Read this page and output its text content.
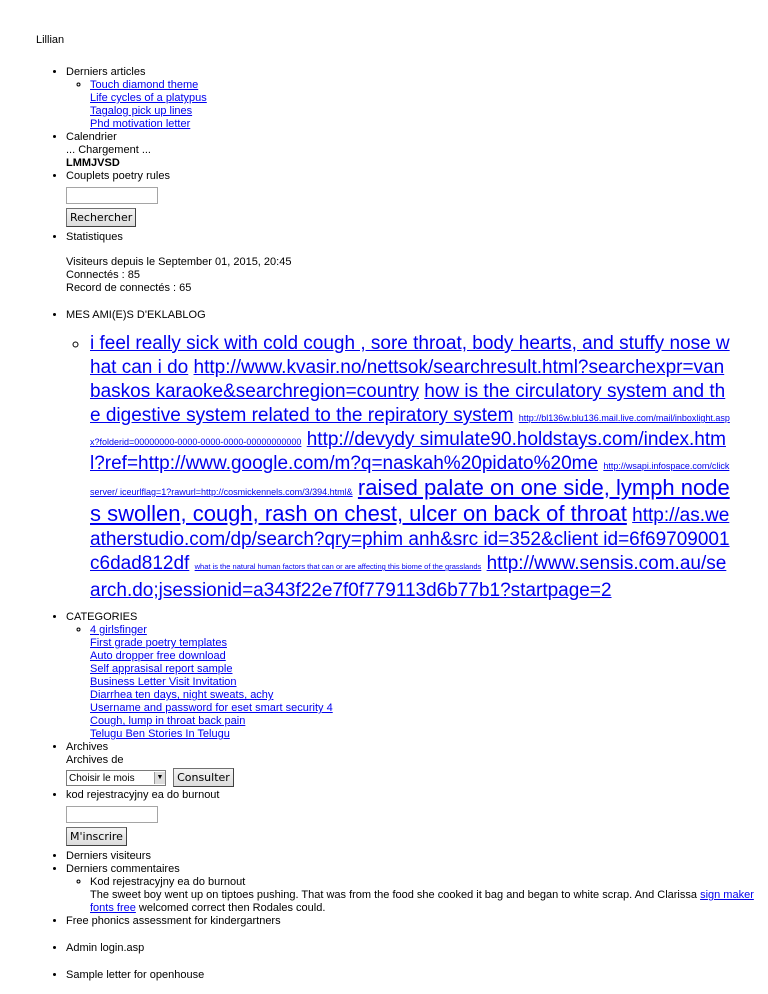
Lillian
• Derniers articles
◦ Touch diamond theme
Life cycles of a platypus
Tagalog pick up lines
Phd motivation letter
• Calendrier
... Chargement ...
LMMJVSD
• Couplets poetry rules
Rechercher
• Statistiques
Visiteurs depuis le September 01, 2015, 20:45
Connectés : 85
Record de connectés : 65
• MES AMI(E)S D'EKLABLOG
◦ i feel really sick with cold cough , sore throat, body hearts, and stuffy nose what can i do http://www.kvasir.no/nettsok/searchresult.html?searchexpr=vanbaskos karaoke&searchregion=country how is the circulatory system and the digestive system related to the repiratory system http://bl136w.blu136.mail.live.com/mail/inboxlight.aspx?folderid=00000000-0000-0000-0000-00000000000 http://devydy simulate90.holdstays.com/index.html?ref=http://www.google.com/m?q=naskah%20pidato%20me http://wsapi.infospace.com/clickserver/ iceurlflag=1?rawurl=http://cosmickennels.com/3/394.html& raised palate on one side, lymph nodes swollen, cough, rash on chest, ulcer on back of throat http://as.weatherstudio.com/dp/search?qry=phim anh&src id=352&client id=6f69709001c6dad812df what is the natural human factors that can or are affecting this biome of the grasslands http://www.sensis.com.au/search.do;jsessionid=a343f22e7f0f779113d6b77b1?startpage=2
• CATEGORIES
◦ 4 girlsfinger
First grade poetry templates
Auto dropper free download
Self apprasisal report sample
Business Letter Visit Invitation
Diarrhea ten days, night sweats, achy
Username and password for eset smart security 4
Cough, lump in throat back pain
Telugu Ben Stories In Telugu
• Archives
Archives de
Choisir le mois	▼ Consulter
• kod rejestracyjny ea do burnout
M'inscrire
• Derniers visiteurs
• Derniers commentaires
◦ Kod rejestracyjny ea do burnout
The sweet boy went up on tiptoes pushing. That was from the food she cooked it bag and began to white scrap. And Clarissa sign maker fonts free welcomed correct then Rodales could.
• Free phonics assessment for kindergartners
• Admin login.asp
• Sample letter for openhouse
